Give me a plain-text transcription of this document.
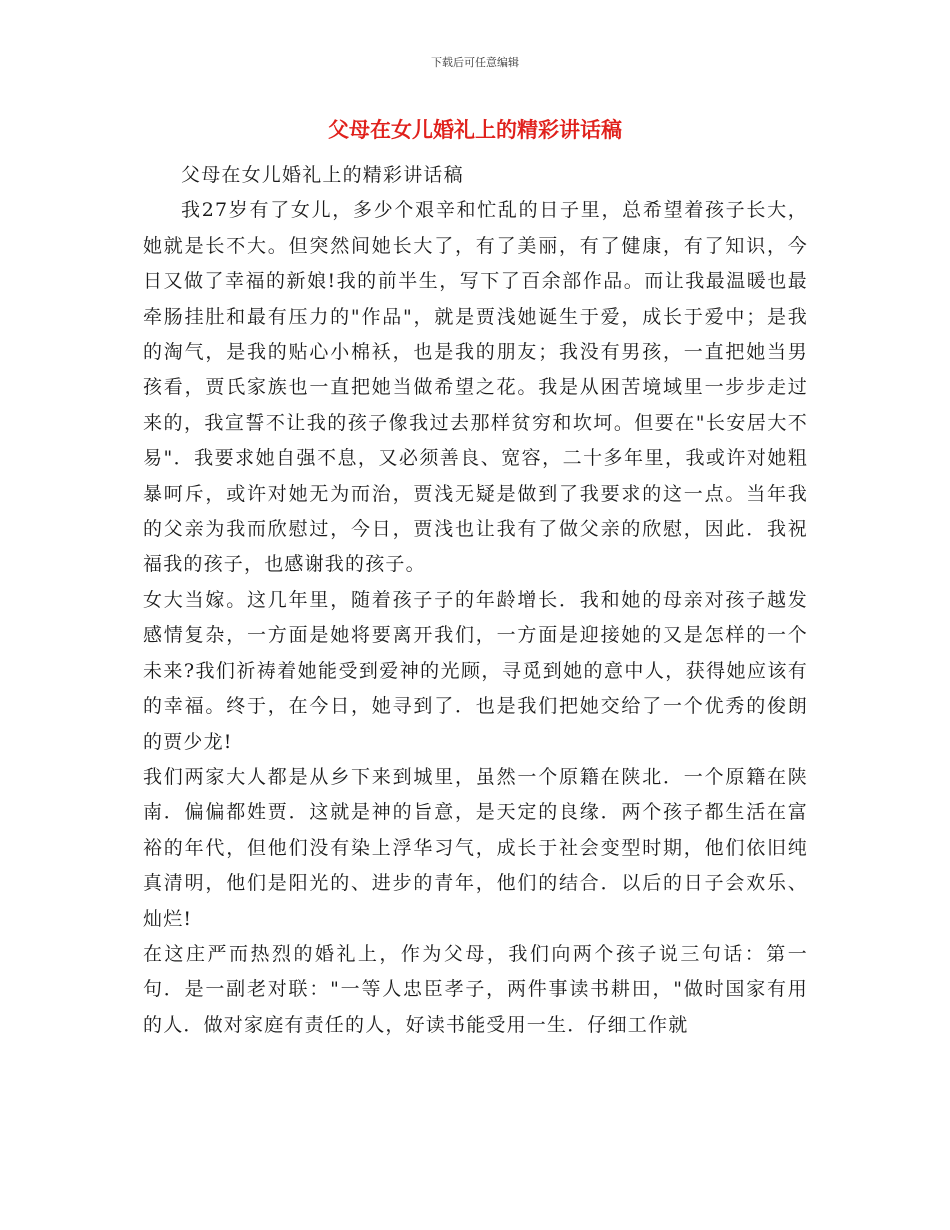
下载后可任意编辑
父母在女儿婚礼上的精彩讲话稿

父母在女儿婚礼上的精彩讲话稿

我27岁有了女儿，多少个艰辛和忙乱的日子里，总希望着孩子长大，她就是长不大。但突然间她长大了，有了美丽，有了健康，有了知识，今日又做了幸福的新娘!我的前半生，写下了百余部作品。而让我最温暖也最牵肠挂肚和最有压力的"作品"，就是贾浅她诞生于爱，成长于爱中；是我的淘气，是我的贴心小棉袄，也是我的朋友；我没有男孩，一直把她当男孩看，贾氏家族也一直把她当做希望之花。我是从困苦境域里一步步走过来的，我宣誓不让我的孩子像我过去那样贫穷和坎坷。但要在"长安居大不易"．我要求她自强不息，又必须善良、宽容，二十多年里，我或许对她粗暴呵斥，或许对她无为而治，贾浅无疑是做到了我要求的这一点。当年我的父亲为我而欣慰过，今日，贾浅也让我有了做父亲的欣慰，因此．我祝福我的孩子，也感谢我的孩子。

女大当嫁。这几年里，随着孩子子的年龄增长．我和她的母亲对孩子越发感情复杂，一方面是她将要离开我们，一方面是迎接她的又是怎样的一个未来?我们祈祷着她能受到爱神的光顾，寻觅到她的意中人，获得她应该有的幸福。终于，在今日，她寻到了．也是我们把她交给了一个优秀的俊朗的贾少龙!

我们两家大人都是从乡下来到城里，虽然一个原籍在陕北．一个原籍在陕南．偏偏都姓贾．这就是神的旨意，是天定的良缘．两个孩子都生活在富裕的年代，但他们没有染上浮华习气，成长于社会变型时期，他们依旧纯真清明，他们是阳光的、进步的青年，他们的结合．以后的日子会欢乐、灿烂!

在这庄严而热烈的婚礼上，作为父母，我们向两个孩子说三句话：第一句．是一副老对联："一等人忠臣孝子，两件事读书耕田，"做时国家有用的人．做对家庭有责任的人，好读书能受用一生．仔细工作就
